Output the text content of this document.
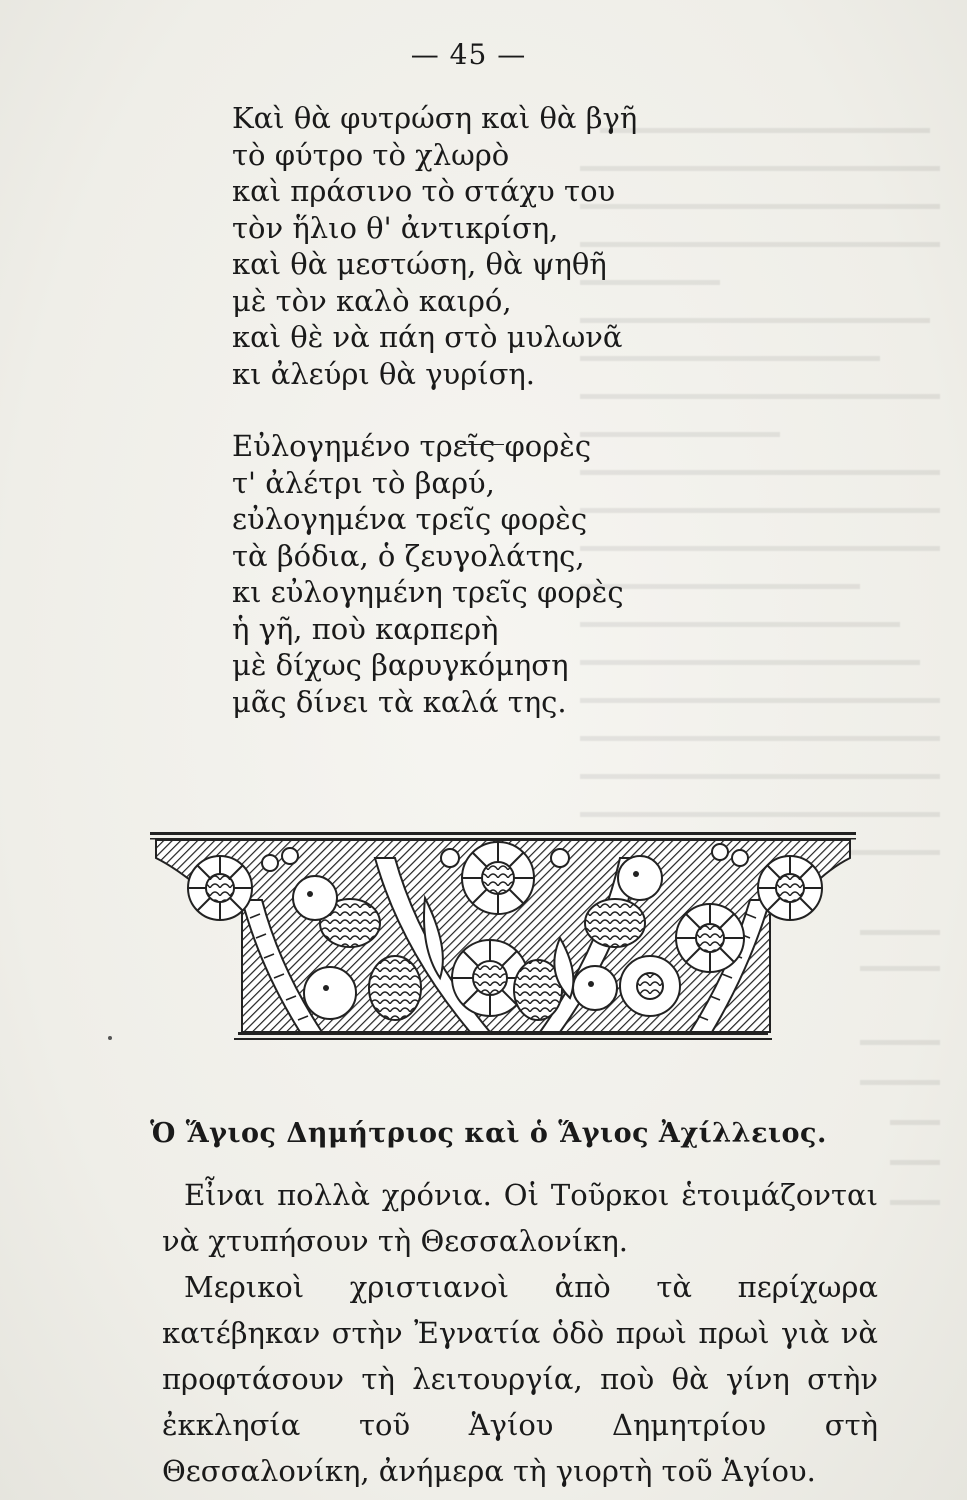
— 45 —
Καὶ θὰ φυτρώση καὶ θὰ βγῆ
τὸ φύτρο τὸ χλωρὸ
καὶ πράσινο τὸ στάχυ του
τὸν ἥλιο θ' ἀντικρίση,
καὶ θὰ μεστώση, θὰ ψηθῆ
μὲ τὸν καλὸ καιρό,
καὶ θὲ νὰ πάη στὸ μυλωνᾶ
κι ἀλεύρι θὰ γυρίση.
Εὐλογημένο τρεῖς φορὲς
τ' ἀλέτρι τὸ βαρύ,
εὐλογημένα τρεῖς φορὲς
τὰ βόδια, ὁ ζευγολάτης,
κι εὐλογημένη τρεῖς φορὲς
ἡ γῆ, ποὺ καρπερὴ
μὲ δίχως βαρυγκόμηση
μᾶς δίνει τὰ καλά της.
Ὁ Ἅγιος Δημήτριος καὶ ὁ Ἅγιος Ἀχίλλειος.

Εἶναι πολλὰ χρόνια. Οἱ Τοῦρκοι ἑτοιμάζονται νὰ χτυπήσουν τὴ Θεσσαλονίκη.

Μερικοὶ χριστιανοὶ ἀπὸ τὰ περίχωρα κατέβηκαν στὴν Ἐγνατία ὁδὸ πρωὶ πρωὶ γιὰ νὰ προφτάσουν τὴ λειτουργία, ποὺ θὰ γίνη στὴν ἐκκλησία τοῦ Ἁγίου Δημητρίου στὴ Θεσσαλονίκη, ἀνήμερα τὴ γιορτὴ τοῦ Ἁγίου.
